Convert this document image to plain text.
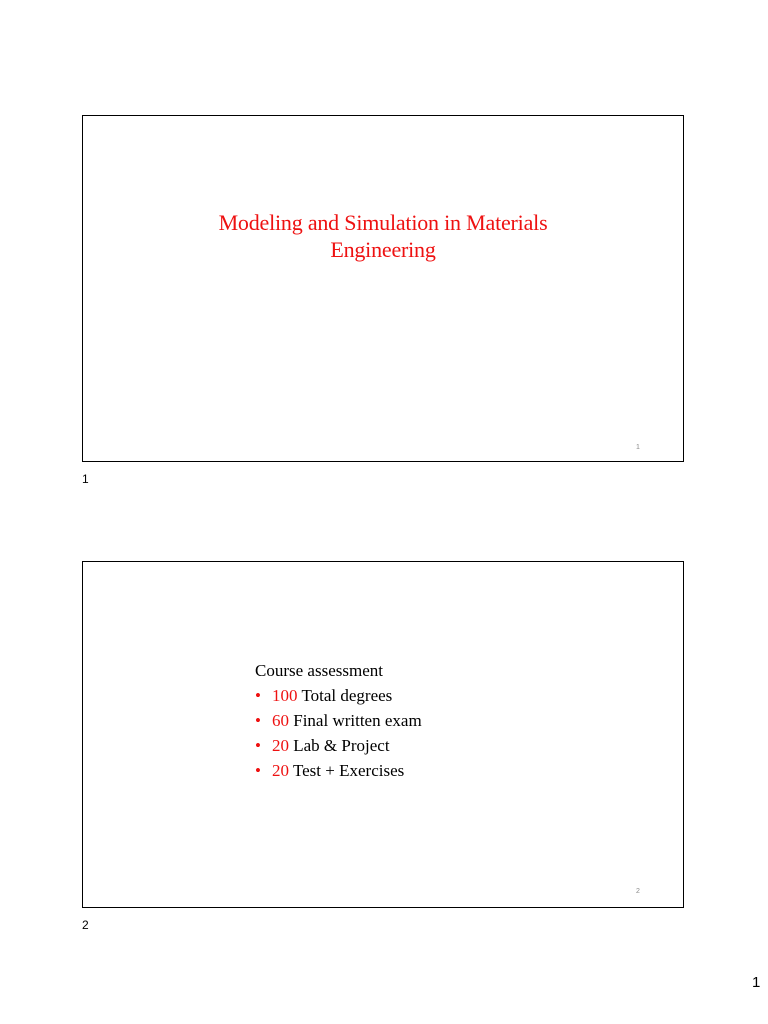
Modeling and Simulation in Materials
Engineering
1
1
Course assessment
• 100 Total degrees
• 60 Final written exam
• 20 Lab & Project
• 20 Test + Exercises
2
2
1
